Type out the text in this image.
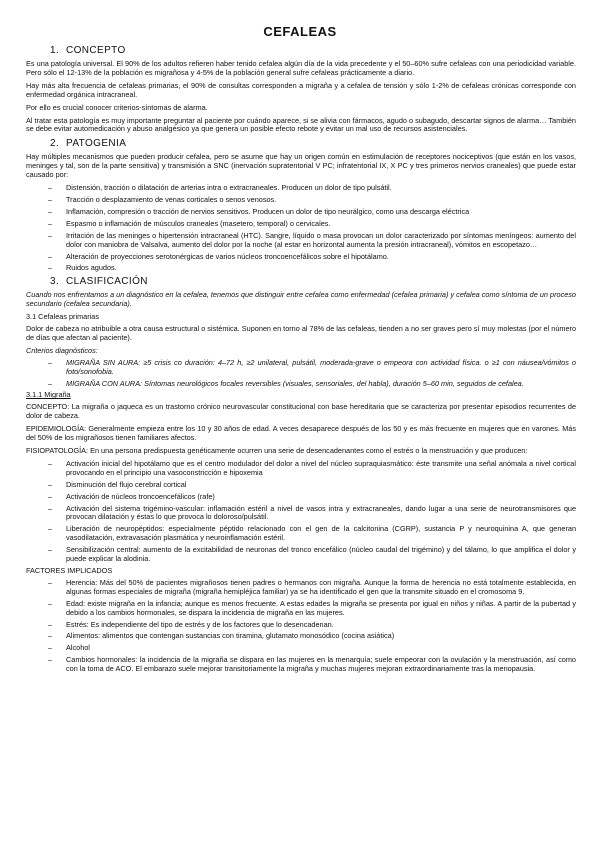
CEFALEAS
1. CONCEPTO

Es una patología universal. El 90% de los adultos refieren haber tenido cefalea algún día de la vida precedente y el 50–60% sufre cefaleas con una periodicidad variable. Pero sólo el 12-13% de la población es migrañosa y 4-5% de la población general sufre cefaleas prácticamente a diario.

Hay más alta frecuencia de cefaleas primarias, el 90% de consultas corresponden a migraña y a cefalea de tensión y sólo 1-2% de cefaleas crónicas corresponde con enfermedad orgánica intracraneal.

Por ello es crucial conocer criterios-síntomas de alarma.

Al tratar esta patología es muy importante preguntar al paciente por cuándo aparece, si se alivia con fármacos, agudo o subagudo, descartar signos de alarma… También se debe evitar automedicación y abuso analgésico ya que genera un posible efecto rebote y evitar un mal uso de recursos asistenciales.

2. PATOGENIA

Hay múltiples mecanismos que pueden producir cefalea, pero se asume que hay un origen común en estimulación de receptores nociceptivos (que están en los vasos, meninges y tal, son de la parte sensitiva) y transmisión a SNC (inervación supratentorial V PC; infratentorial IX, X PC y tres primeros nervios craneales) que puede estar causado por:

– Distensión, tracción o dilatación de arterias intra o extracraneales. Producen un dolor de tipo pulsátil.
– Tracción o desplazamiento de venas corticales o senos venosos.
– Inflamación, compresión o tracción de nervios sensitivos. Producen un dolor de tipo neurálgico, como una descarga eléctrica
– Espasmo o inflamación de músculos craneales (masetero, temporal) o cervicales.
– Irritación de las meninges o hipertensión intracraneal (HTC). Sangre, líquido o masa provocan un dolor caracterizado por síntomas meníngeos: aumento del dolor con maniobra de Valsalva, aumento del dolor por la noche (al estar en horizontal aumenta la presión intracraneal), vómitos en escopetazo…
– Alteración de proyecciones serotonérgicas de varios núcleos troncoencefálicos sobre el hipotálamo.
– Ruidos agudos.
3. CLASIFICACIÓN

Cuando nos enfrentamos a un diagnóstico en la cefalea, tenemos que distinguir entre cefalea como enfermedad (cefalea primaria) y cefalea como síntoma de un proceso secundario (cefalea secundaria).

3.1 Cefaleas primarias

Dolor de cabeza no atribuible a otra causa estructural o sistémica. Suponen en torno al 78% de las cefaleas, tienden a no ser graves pero sí muy molestas (por el número de días que afectan al paciente).

Criterios diagnósticos:
– MIGRAÑA SIN AURA: ≥5 crisis co duración: 4–72 h, ≥2 unilateral, pulsátil, moderada-grave o empeora con actividad física. o ≥1 con náusea/vómitos o foto/sonofobia.
– MIGRAÑA CON AURA: Síntomas neurológicos focales reversibles (visuales, sensoriales, del habla), duración 5–60 min, seguidos de cefalea.
3.1.1 Migraña

CONCEPTO: La migraña o jaqueca es un trastorno crónico neurovascular constitucional con base hereditaria que se caracteriza por presentar episodios recurrentes de dolor de cabeza.

EPIDEMIOLOGÍA: Generalmente empieza entre los 10 y 30 años de edad. A veces desaparece después de los 50 y es más frecuente en mujeres que en varones. Más del 50% de los migrañosos tienen familiares afectos.

FISIOPATOLOGÍA: En una persona predispuesta genéticamente ocurren una serie de desencadenantes como el estrés o la menstruación y que producen:

– Activación inicial del hipotálamo que es el centro modulador del dolor a nivel del núcleo supraquiasmático: éste transmite una señal anómala a nivel cortical provocando en el principio una vasoconstricción e hipoxemia
– Disminución del flujo cerebral cortical
– Activación de núcleos troncoencefálicos (rafe)
– Activación del sistema trigémino-vascular: inflamación estéril a nivel de vasos intra y extracraneales, dando lugar a una serie de neurotransmisores que provocan dilatación y éstas lo que provoca lo doloroso/pulsátil.
– Liberación de neuropéptidos: especialmente péptido relacionado con el gen de la calcitonina (CGRP), sustancia P y neuroquinina A, que generan vasodilatación, extravasación plasmática y neuroinflamación estéril.
– Sensibilización central: aumento de la excitabilidad de neuronas del tronco encefálico (núcleo caudal del trigémino) y del tálamo, lo que amplifica el dolor y puede explicar la alodinia.
FACTORES IMPLICADOS
– Herencia: Más del 50% de pacientes migrañosos tienen padres o hermanos con migraña. Aunque la forma de herencia no está totalmente establecida, en algunas formas especiales de migraña (migraña hemipléjica familiar) ya se ha identificado el gen que la transmite situado en el cromosoma 9.
– Edad: existe migraña en la infancia; aunque es menos frecuente. A estas edades la migraña se presenta por igual en niños y niñas. A partir de la pubertad y debido a los cambios hormonales, se dispara la incidencia de migraña en las mujeres.
– Estrés: Es independiente del tipo de estrés y de los factores que lo desencadenan.
– Alimentos: alimentos que contengan sustancias con tiramina, glutamato monosódico (cocina asiática)
– Alcohol
– Cambios hormonales: la incidencia de la migraña se dispara en las mujeres en la menarquía; suele empeorar con la ovulación y la menstruación, así como con la toma de ACO. El embarazo suele mejorar transitoriamente la migraña y muchas mujeres mejoran extraordinariamente tras la menopausia.
